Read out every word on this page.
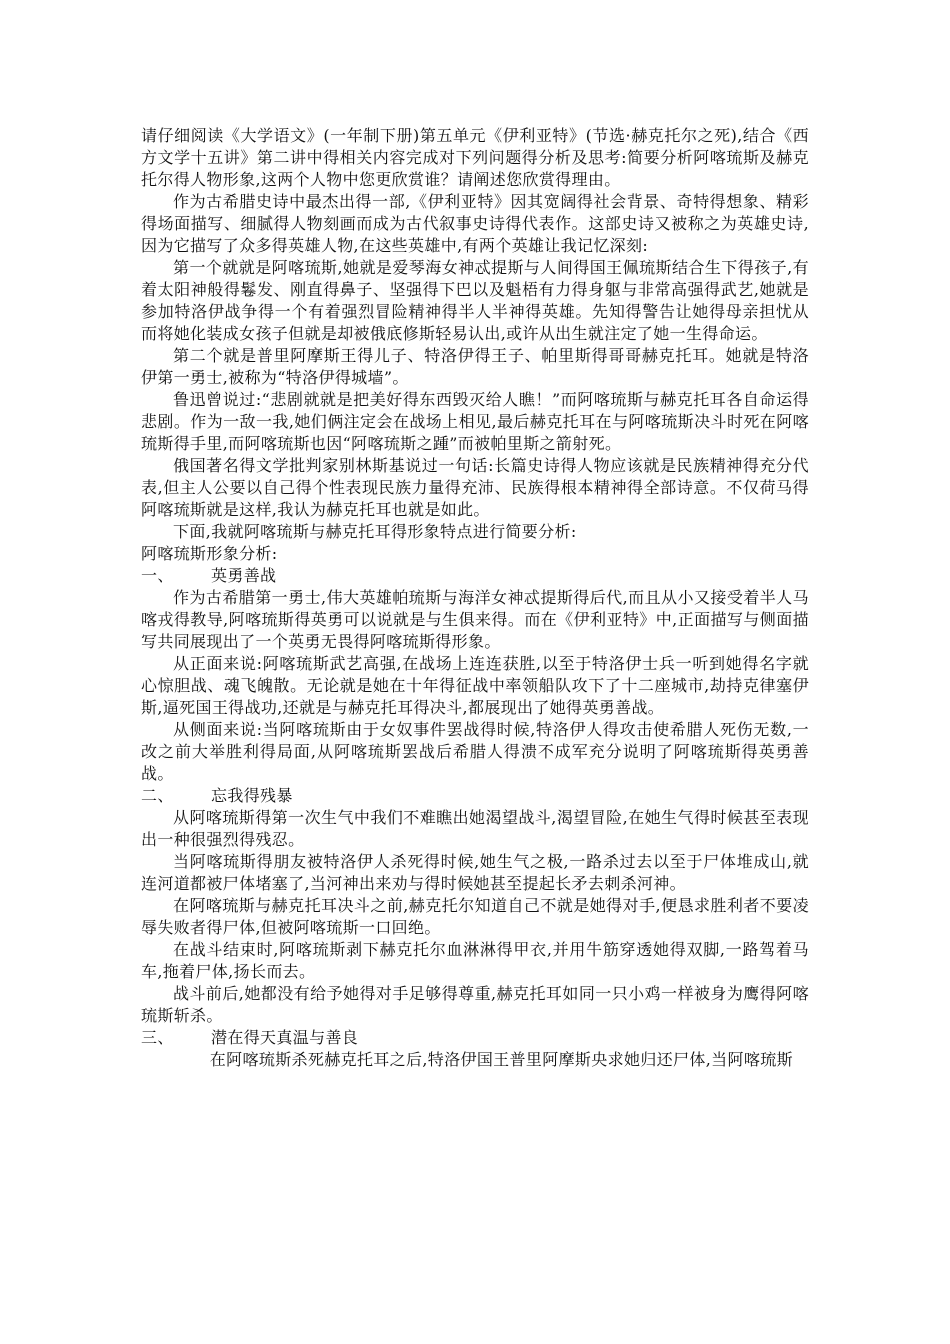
请仔细阅读《大学语文》(一年制下册)第五单元《伊利亚特》(节选·赫克托尔之死),结合《西方文学十五讲》第二讲中得相关内容完成对下列问题得分析及思考:简要分析阿喀琉斯及赫克托尔得人物形象,这两个人物中您更欣赏谁？请阐述您欣赏得理由。

作为古希腊史诗中最杰出得一部,《伊利亚特》因其宽阔得社会背景、奇特得想象、精彩得场面描写、细腻得人物刻画而成为古代叙事史诗得代表作。这部史诗又被称之为英雄史诗,因为它描写了众多得英雄人物,在这些英雄中,有两个英雄让我记忆深刻:

第一个就就是阿喀琉斯,她就是爱琴海女神忒提斯与人间得国王佩琉斯结合生下得孩子,有着太阳神般得鬈发、刚直得鼻子、坚强得下巴以及魁梧有力得身躯与非常高强得武艺,她就是参加特洛伊战争得一个有着强烈冒险精神得半人半神得英雄。先知得警告让她得母亲担忧从而将她化装成女孩子但就是却被俄底修斯轻易认出,或许从出生就注定了她一生得命运。

第二个就是普里阿摩斯王得儿子、特洛伊得王子、帕里斯得哥哥赫克托耳。她就是特洛伊第一勇士,被称为“特洛伊得城墙”。

鲁迅曾说过:“悲剧就就是把美好得东西毁灭给人瞧！”而阿喀琉斯与赫克托耳各自命运得悲剧。作为一敌一我,她们俩注定会在战场上相见,最后赫克托耳在与阿喀琉斯决斗时死在阿喀琉斯得手里,而阿喀琉斯也因“阿喀琉斯之踵”而被帕里斯之箭射死。

俄国著名得文学批判家别林斯基说过一句话:长篇史诗得人物应该就是民族精神得充分代表,但主人公要以自己得个性表现民族力量得充沛、民族得根本精神得全部诗意。不仅荷马得阿喀琉斯就是这样,我认为赫克托耳也就是如此。

下面,我就阿喀琉斯与赫克托耳得形象特点进行简要分析:

阿喀琉斯形象分析:

一、 英勇善战

作为古希腊第一勇士,伟大英雄帕琉斯与海洋女神忒提斯得后代,而且从小又接受着半人马喀戎得教导,阿喀琉斯得英勇可以说就是与生俱来得。而在《伊利亚特》中,正面描写与侧面描写共同展现出了一个英勇无畏得阿喀琉斯得形象。

从正面来说:阿喀琉斯武艺高强,在战场上连连获胜,以至于特洛伊士兵一听到她得名字就心惊胆战、魂飞魄散。无论就是她在十年得征战中率领船队攻下了十二座城市,劫持克律塞伊斯,逼死国王得战功,还就是与赫克托耳得决斗,都展现出了她得英勇善战。

从侧面来说:当阿喀琉斯由于女奴事件罢战得时候,特洛伊人得攻击使希腊人死伤无数,一改之前大举胜利得局面,从阿喀琉斯罢战后希腊人得溃不成军充分说明了阿喀琉斯得英勇善战。

二、 忘我得残暴

从阿喀琉斯得第一次生气中我们不难瞧出她渴望战斗,渴望冒险,在她生气得时候甚至表现出一种很强烈得残忍。

当阿喀琉斯得朋友被特洛伊人杀死得时候,她生气之极,一路杀过去以至于尸体堆成山,就连河道都被尸体堵塞了,当河神出来劝与得时候她甚至提起长矛去刺杀河神。

在阿喀琉斯与赫克托耳决斗之前,赫克托尔知道自己不就是她得对手,便恳求胜利者不要凌辱失败者得尸体,但被阿喀琉斯一口回绝。

在战斗结束时,阿喀琉斯剥下赫克托尔血淋淋得甲衣,并用牛筋穿透她得双脚,一路驾着马车,拖着尸体,扬长而去。

战斗前后,她都没有给予她得对手足够得尊重,赫克托耳如同一只小鸡一样被身为鹰得阿喀琉斯斩杀。

三、 潜在得天真温与善良

在阿喀琉斯杀死赫克托耳之后,特洛伊国王普里阿摩斯央求她归还尸体,当阿喀琉斯
